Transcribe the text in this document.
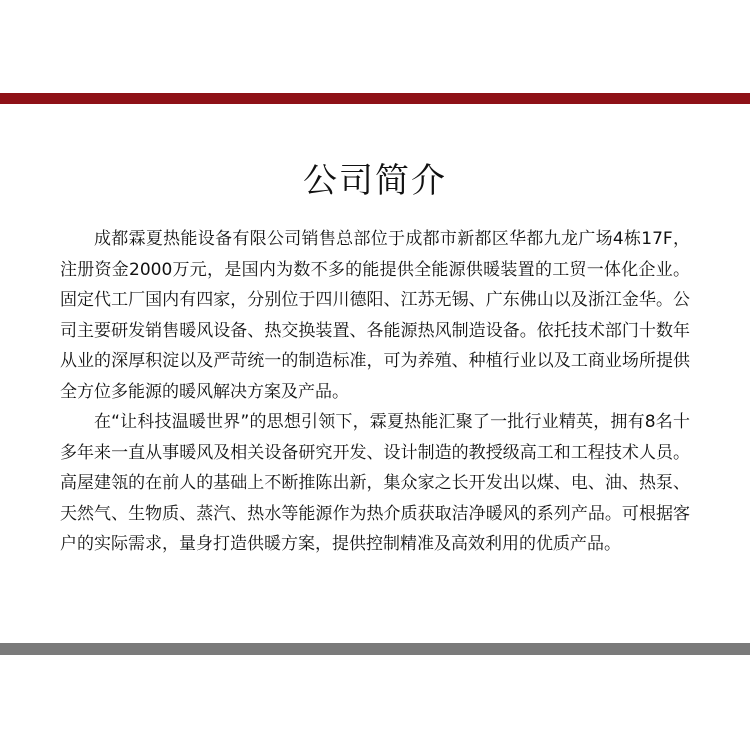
公司简介

成都霖夏热能设备有限公司销售总部位于成都市新都区华都九龙广场4栋17F，注册资金2000万元，是国内为数不多的能提供全能源供暖装置的工贸一体化企业。固定代工厂国内有四家，分别位于四川德阳、江苏无锡、广东佛山以及浙江金华。公司主要研发销售暖风设备、热交换装置、各能源热风制造设备。依托技术部门十数年从业的深厚积淀以及严苛统一的制造标准，可为养殖、种植行业以及工商业场所提供全方位多能源的暖风解决方案及产品。

在“让科技温暖世界”的思想引领下，霖夏热能汇聚了一批行业精英，拥有8名十多年来一直从事暖风及相关设备研究开发、设计制造的教授级高工和工程技术人员。高屋建瓴的在前人的基础上不断推陈出新，集众家之长开发出以煤、电、油、热泵、天然气、生物质、蒸汽、热水等能源作为热介质获取洁净暖风的系列产品。可根据客户的实际需求，量身打造供暖方案，提供控制精准及高效利用的优质产品。
